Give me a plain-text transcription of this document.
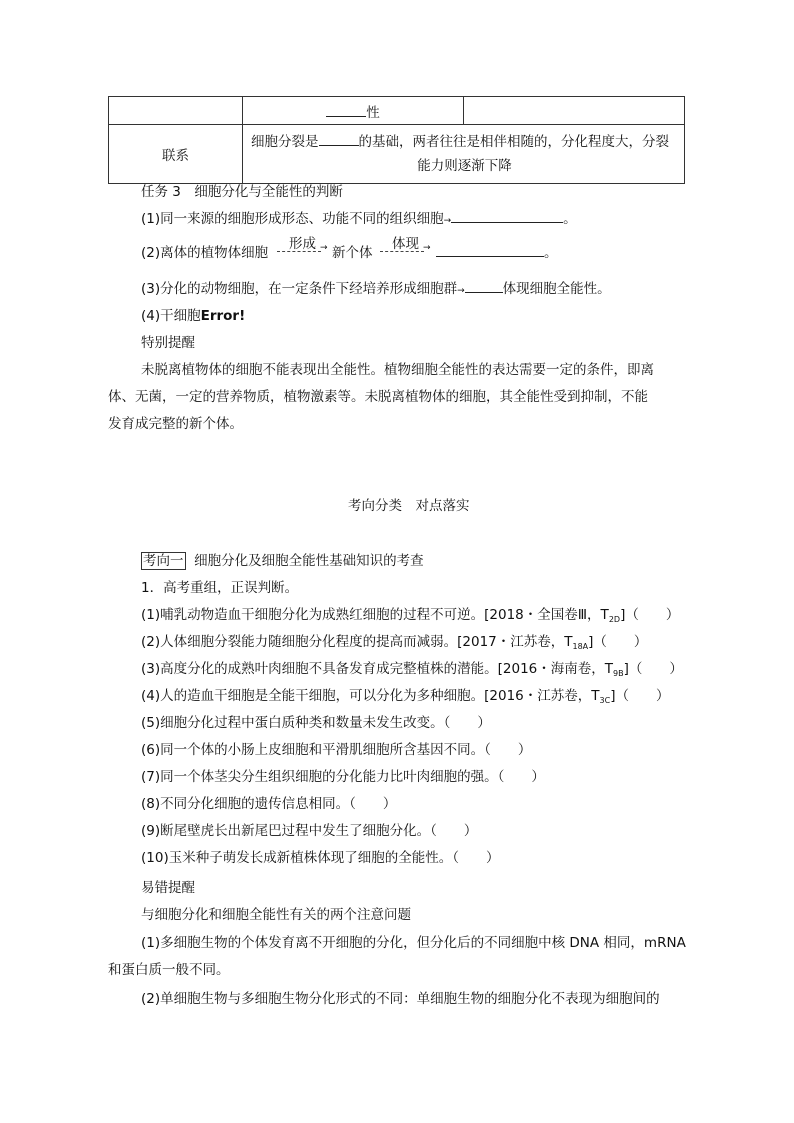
	性	
联系	细胞分裂是 的基础，两者往往是相伴相随的，分化程度大，分裂
能力则逐渐下降	
任务 3　细胞分化与全能性的判断
(1)同一来源的细胞形成形态、功能不同的组织细胞→	。
(2)离体的植物体细胞
形成 → 新个体
体现 →	。
(3)分化的动物细胞，在一定条件下经培养形成细胞群→	体现细胞全能性。
(4)干细胞Error!
特别提醒
未脱离植物体的细胞不能表现出全能性。植物细胞全能性的表达需要一定的条件，即离
体、无菌，一定的营养物质，植物激素等。未脱离植物体的细胞，其全能性受到抑制，不能
发育成完整的新个体。
考向分类　对点落实
考向一 细胞分化及细胞全能性基础知识的考查
1．高考重组，正误判断。
(1)哺乳动物造血干细胞分化为成熟红细胞的过程不可逆。[2018・全国卷Ⅲ，$T_{2D}$]（　　）
(2)人体细胞分裂能力随细胞分化程度的提高而减弱。[2017・江苏卷，$T_{18A}$]（　　）
(3)高度分化的成熟叶肉细胞不具备发育成完整植株的潜能。[2016・海南卷，$T_{9B}$]（　　）
(4)人的造血干细胞是全能干细胞，可以分化为多种细胞。[2016・江苏卷，$T_{3C}$]（　　）
(5)细胞分化过程中蛋白质种类和数量未发生改变。（　　）
(6)同一个体的小肠上皮细胞和平滑肌细胞所含基因不同。（　　）
(7)同一个体茎尖分生组织细胞的分化能力比叶肉细胞的强。（　　）
(8)不同分化细胞的遗传信息相同。（　　）
(9)断尾壁虎长出新尾巴过程中发生了细胞分化。（　　）
(10)玉米种子萌发长成新植株体现了细胞的全能性。（　　）
易错提醒
与细胞分化和细胞全能性有关的两个注意问题
(1)多细胞生物的个体发育离不开细胞的分化，但分化后的不同细胞中核 DNA 相同，mRNA
和蛋白质一般不同。
(2)单细胞生物与多细胞生物分化形式的不同：单细胞生物的细胞分化不表现为细胞间的
